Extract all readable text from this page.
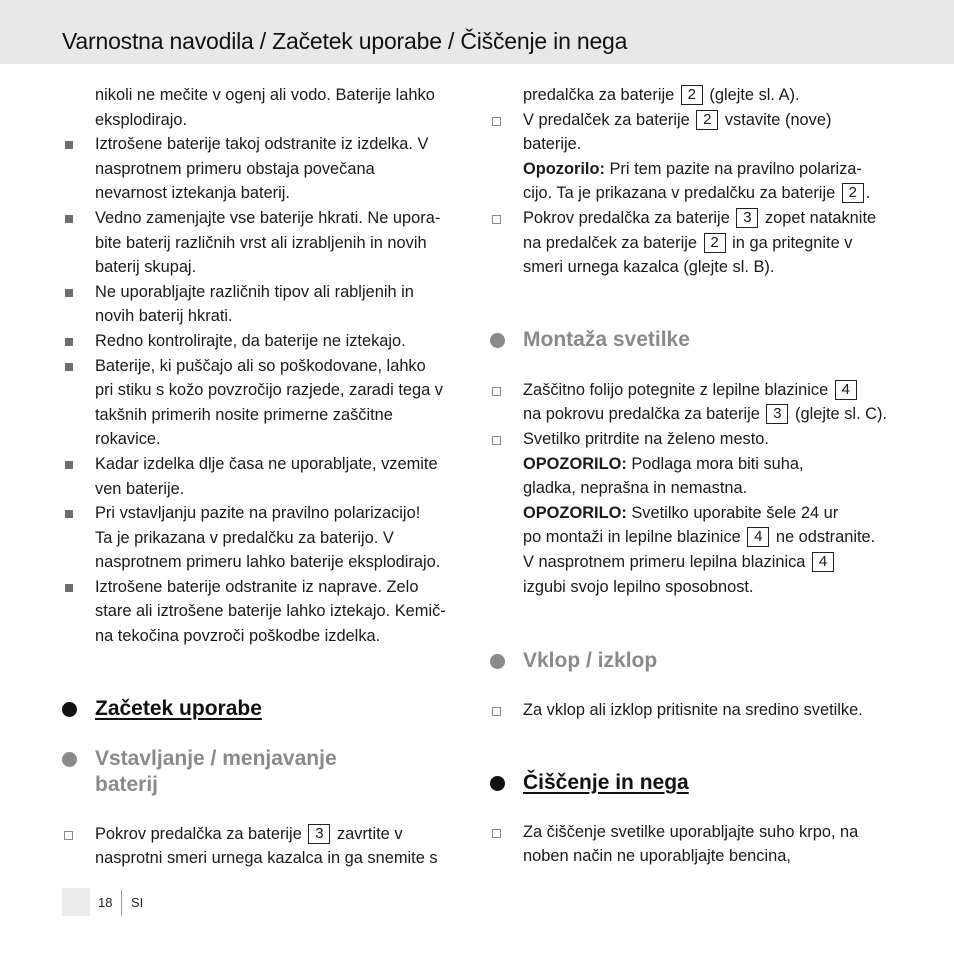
Varnostna navodila / Začetek uporabe / Čiščenje in nega
nikoli ne mečite v ogenj ali vodo. Baterije lahko
eksplodirajo.
Iztrošene baterije takoj odstranite iz izdelka. V
nasprotnem primeru obstaja povečana
nevarnost iztekanja baterij.
Vedno zamenjajte vse baterije hkrati. Ne upora-
bite baterij različnih vrst ali izrabljenih in novih
baterij skupaj.
Ne uporabljajte različnih tipov ali rabljenih in
novih baterij hkrati.
Redno kontrolirajte, da baterije ne iztekajo.
Baterije, ki puščajo ali so poškodovane, lahko
pri stiku s kožo povzročijo razjede, zaradi tega v
takšnih primerih nosite primerne zaščitne
rokavice.
Kadar izdelka dlje časa ne uporabljate, vzemite
ven baterije.
Pri vstavljanju pazite na pravilno polarizacijo!
Ta je prikazana v predalčku za baterijo. V
nasprotnem primeru lahko baterije eksplodirajo.
Iztrošene baterije odstranite iz naprave. Zelo
stare ali iztrošene baterije lahko iztekajo. Kemič-
na tekočina povzroči poškodbe izdelka.
Začetek uporabe
Vstavljanje / menjavanje
baterij
Pokrov predalčka za baterije 3 zavrtite v
nasprotni smeri urnega kazalca in ga snemite s
predalčka za baterije 2 (glejte sl. A).
V predalček za baterije 2 vstavite (nove)
baterije.
Opozorilo: Pri tem pazite na pravilno polariza-
cijo. Ta je prikazana v predalčku za baterije 2 .
Pokrov predalčka za baterije 3 zopet nataknite
na predalček za baterije 2 in ga pritegnite v
smeri urnega kazalca (glejte sl. B).
Montaža svetilke
Zaščitno folijo potegnite z lepilne blazinice 4
na pokrovu predalčka za baterije 3 (glejte sl. C).
Svetilko pritrdite na želeno mesto.
OPOZORILO: Podlaga mora biti suha,
gladka, neprašna in nemastna.
OPOZORILO: Svetilko uporabite šele 24 ur
po montaži in lepilne blazinice 4 ne odstranite.
V nasprotnem primeru lepilna blazinica 4
izgubi svojo lepilno sposobnost.
Vklop / izklop
Za vklop ali izklop pritisnite na sredino svetilke.
Čiščenje in nega
Za čiščenje svetilke uporabljajte suho krpo, na
noben način ne uporabljajte bencina,
18 SI
